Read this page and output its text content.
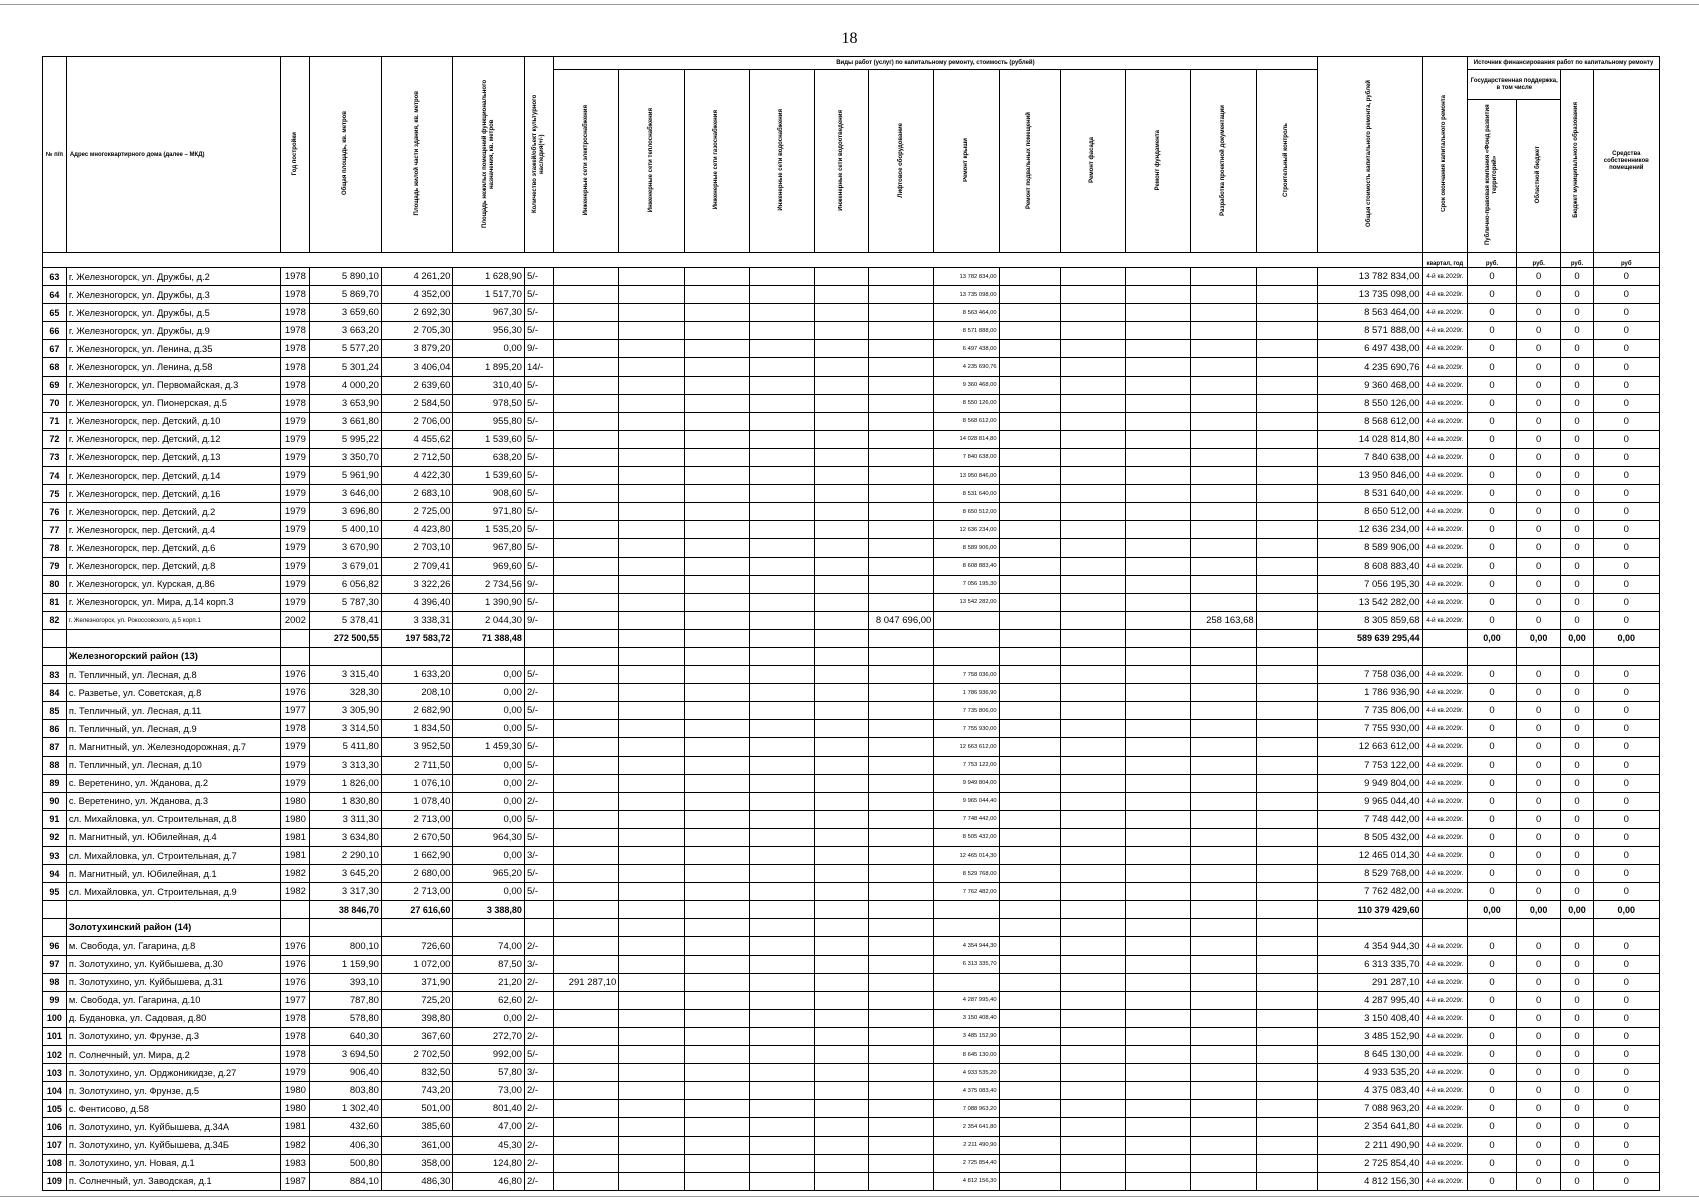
18
№ п/п	Адрес многоквартирного дома (далее – МКД)	Год постройки	Общая площадь, кв. метров	Площадь жилой части здания, кв. метров	Площадь нежилых помещений функционального назначения, кв. метров	Количество этажей/объект культурного наследия(+/-)	Виды работ (услуг) по капитальному ремонту, стоимость (рублей)												Общая стоимость капитального ремонта, рублей	Срок окончания капитального ремонта	Источник финансирования работ по капитальному ремонту			
							Инженерные сети электроснабжения	Инженерные сети теплоснабжения	Инженерные сети газоснабжения	Инженерные сети водоснабжения	Инженерные сети водоотведения	Лифтовое оборудование	Ремонт крыши	Ремонт подвальных помещений	Ремонт фасада	Ремонт фундамента	Разработка проектной документации	Строительный контроль			Государственная поддержка, в том числе		Бюджет муниципального образования	Средства собственников помещений
																					Публично-правовая компания «Фонд развития территорий»	Областной бюджет		
																				квартал, год	руб.	руб.	руб.	руб
63	г. Железногорск, ул. Дружбы, д.2	1978	5 890,10	4 261,20	1 628,90	5/-							13 782 834,00						13 782 834,00	4-й кв.2029г.	0	0	0	0
64	г. Железногорск, ул. Дружбы, д.3	1978	5 869,70	4 352,00	1 517,70	5/-							13 735 098,00						13 735 098,00	4-й кв.2029г.	0	0	0	0
65	г. Железногорск, ул. Дружбы, д.5	1978	3 659,60	2 692,30	967,30	5/-							8 563 464,00						8 563 464,00	4-й кв.2029г.	0	0	0	0
66	г. Железногорск, ул. Дружбы, д.9	1978	3 663,20	2 705,30	956,30	5/-							8 571 888,00						8 571 888,00	4-й кв.2029г.	0	0	0	0
67	г. Железногорск, ул. Ленина, д.35	1978	5 577,20	3 879,20	0,00	9/-							6 497 438,00						6 497 438,00	4-й кв.2029г.	0	0	0	0
68	г. Железногорск, ул. Ленина, д.58	1978	5 301,24	3 406,04	1 895,20	14/-							4 235 690,76						4 235 690,76	4-й кв.2029г.	0	0	0	0
69	г. Железногорск, ул. Первомайская, д.3	1978	4 000,20	2 639,60	310,40	5/-							9 360 468,00						9 360 468,00	4-й кв.2029г.	0	0	0	0
70	г. Железногорск, ул. Пионерская, д.5	1978	3 653,90	2 584,50	978,50	5/-							8 550 126,00						8 550 126,00	4-й кв.2029г.	0	0	0	0
71	г. Железногорск, пер. Детский, д.10	1979	3 661,80	2 706,00	955,80	5/-							8 568 612,00						8 568 612,00	4-й кв.2029г.	0	0	0	0
72	г. Железногорск, пер. Детский, д.12	1979	5 995,22	4 455,62	1 539,60	5/-							14 028 814,80						14 028 814,80	4-й кв.2029г.	0	0	0	0
73	г. Железногорск, пер. Детский, д.13	1979	3 350,70	2 712,50	638,20	5/-							7 840 638,00						7 840 638,00	4-й кв.2029г.	0	0	0	0
74	г. Железногорск, пер. Детский, д.14	1979	5 961,90	4 422,30	1 539,60	5/-							13 950 846,00						13 950 846,00	4-й кв.2029г.	0	0	0	0
75	г. Железногорск, пер. Детский, д.16	1979	3 646,00	2 683,10	908,60	5/-							8 531 640,00						8 531 640,00	4-й кв.2029г.	0	0	0	0
76	г. Железногорск, пер. Детский, д.2	1979	3 696,80	2 725,00	971,80	5/-							8 650 512,00						8 650 512,00	4-й кв.2029г.	0	0	0	0
77	г. Железногорск, пер. Детский, д.4	1979	5 400,10	4 423,80	1 535,20	5/-							12 636 234,00						12 636 234,00	4-й кв.2029г.	0	0	0	0
78	г. Железногорск, пер. Детский, д.6	1979	3 670,90	2 703,10	967,80	5/-							8 589 906,00						8 589 906,00	4-й кв.2029г.	0	0	0	0
79	г. Железногорск, пер. Детский, д.8	1979	3 679,01	2 709,41	969,60	5/-							8 608 883,40						8 608 883,40	4-й кв.2029г.	0	0	0	0
80	г. Железногорск, ул. Курская, д.86	1979	6 056,82	3 322,26	2 734,56	9/-							7 056 195,30						7 056 195,30	4-й кв.2029г.	0	0	0	0
81	г. Железногорск, ул. Мира, д.14 корп.3	1979	5 787,30	4 396,40	1 390,90	5/-							13 542 282,00						13 542 282,00	4-й кв.2029г.	0	0	0	0
82	г. Железногорск, ул. Рокоссовского, д.5 корп.1	2002	5 378,41	3 338,31	2 044,30	9/-						8 047 696,00					258 163,68		8 305 859,68	4-й кв.2029г.	0	0	0	0
			272 500,55	197 583,72	71 388,48														589 639 295,44		0,00	0,00	0,00	0,00
	Железногорский район (13)																							
83	п. Тепличный, ул. Лесная, д.8	1976	3 315,40	1 633,20	0,00	5/-							7 758 036,00						7 758 036,00	4-й кв.2029г.	0	0	0	0
84	с. Разветье, ул. Советская, д.8	1976	328,30	208,10	0,00	2/-							1 786 936,90						1 786 936,90	4-й кв.2029г.	0	0	0	0
85	п. Тепличный, ул. Лесная, д.11	1977	3 305,90	2 682,90	0,00	5/-							7 735 806,00						7 735 806,00	4-й кв.2029г.	0	0	0	0
86	п. Тепличный, ул. Лесная, д.9	1978	3 314,50	1 834,50	0,00	5/-							7 755 930,00						7 755 930,00	4-й кв.2029г.	0	0	0	0
87	п. Магнитный, ул. Железнодорожная, д.7	1979	5 411,80	3 952,50	1 459,30	5/-							12 663 612,00						12 663 612,00	4-й кв.2029г.	0	0	0	0
88	п. Тепличный, ул. Лесная, д.10	1979	3 313,30	2 711,50	0,00	5/-							7 753 122,00						7 753 122,00	4-й кв.2029г.	0	0	0	0
89	с. Веретенино, ул. Жданова, д.2	1979	1 826,00	1 076,10	0,00	2/-							9 949 804,00						9 949 804,00	4-й кв.2029г.	0	0	0	0
90	с. Веретенино, ул. Жданова, д.3	1980	1 830,80	1 078,40	0,00	2/-							9 965 044,40						9 965 044,40	4-й кв.2029г.	0	0	0	0
91	сл. Михайловка, ул. Строительная, д.8	1980	3 311,30	2 713,00	0,00	5/-							7 748 442,00						7 748 442,00	4-й кв.2029г.	0	0	0	0
92	п. Магнитный, ул. Юбилейная, д.4	1981	3 634,80	2 670,50	964,30	5/-							8 505 432,00						8 505 432,00	4-й кв.2029г.	0	0	0	0
93	сл. Михайловка, ул. Строительная, д.7	1981	2 290,10	1 662,90	0,00	3/-							12 465 014,30						12 465 014,30	4-й кв.2029г.	0	0	0	0
94	п. Магнитный, ул. Юбилейная, д.1	1982	3 645,20	2 680,00	965,20	5/-							8 529 768,00						8 529 768,00	4-й кв.2029г.	0	0	0	0
95	сл. Михайловка, ул. Строительная, д.9	1982	3 317,30	2 713,00	0,00	5/-							7 762 482,00						7 762 482,00	4-й кв.2029г.	0	0	0	0
			38 846,70	27 616,60	3 388,80														110 379 429,60		0,00	0,00	0,00	0,00
	Золотухинский район (14)																							
96	м. Свобода, ул. Гагарина, д.8	1976	800,10	726,60	74,00	2/-							4 354 944,30						4 354 944,30	4-й кв.2029г.	0	0	0	0
97	п. Золотухино, ул. Куйбышева, д.30	1976	1 159,90	1 072,00	87,50	3/-							6 313 335,70						6 313 335,70	4-й кв.2029г.	0	0	0	0
98	п. Золотухино, ул. Куйбышева, д.31	1976	393,10	371,90	21,20	2/-	291 287,10												291 287,10	4-й кв.2029г.	0	0	0	0
99	м. Свобода, ул. Гагарина, д.10	1977	787,80	725,20	62,60	2/-							4 287 995,40						4 287 995,40	4-й кв.2029г.	0	0	0	0
100	д. Будановка, ул. Садовая, д.80	1978	578,80	398,80	0,00	2/-							3 150 408,40						3 150 408,40	4-й кв.2029г.	0	0	0	0
101	п. Золотухино, ул. Фрунзе, д.3	1978	640,30	367,60	272,70	2/-							3 485 152,90						3 485 152,90	4-й кв.2029г.	0	0	0	0
102	п. Солнечный, ул. Мира, д.2	1978	3 694,50	2 702,50	992,00	5/-							8 645 130,00						8 645 130,00	4-й кв.2029г.	0	0	0	0
103	п. Золотухино, ул. Орджоникидзе, д.27	1979	906,40	832,50	57,80	3/-							4 933 535,20						4 933 535,20	4-й кв.2029г.	0	0	0	0
104	п. Золотухино, ул. Фрунзе, д.5	1980	803,80	743,20	73,00	2/-							4 375 083,40						4 375 083,40	4-й кв.2029г.	0	0	0	0
105	с. Фентисово, д.58	1980	1 302,40	501,00	801,40	2/-							7 088 963,20						7 088 963,20	4-й кв.2029г.	0	0	0	0
106	п. Золотухино, ул. Куйбышева, д.34А	1981	432,60	385,60	47,00	2/-							2 354 641,80						2 354 641,80	4-й кв.2029г.	0	0	0	0
107	п. Золотухино, ул. Куйбышева, д.34Б	1982	406,30	361,00	45,30	2/-							2 211 490,90						2 211 490,90	4-й кв.2029г.	0	0	0	0
108	п. Золотухино, ул. Новая, д.1	1983	500,80	358,00	124,80	2/-							2 725 854,40						2 725 854,40	4-й кв.2029г.	0	0	0	0
109	п. Солнечный, ул. Заводская, д.1	1987	884,10	486,30	46,80	2/-							4 812 156,30						4 812 156,30	4-й кв.2029г.	0	0	0	0
